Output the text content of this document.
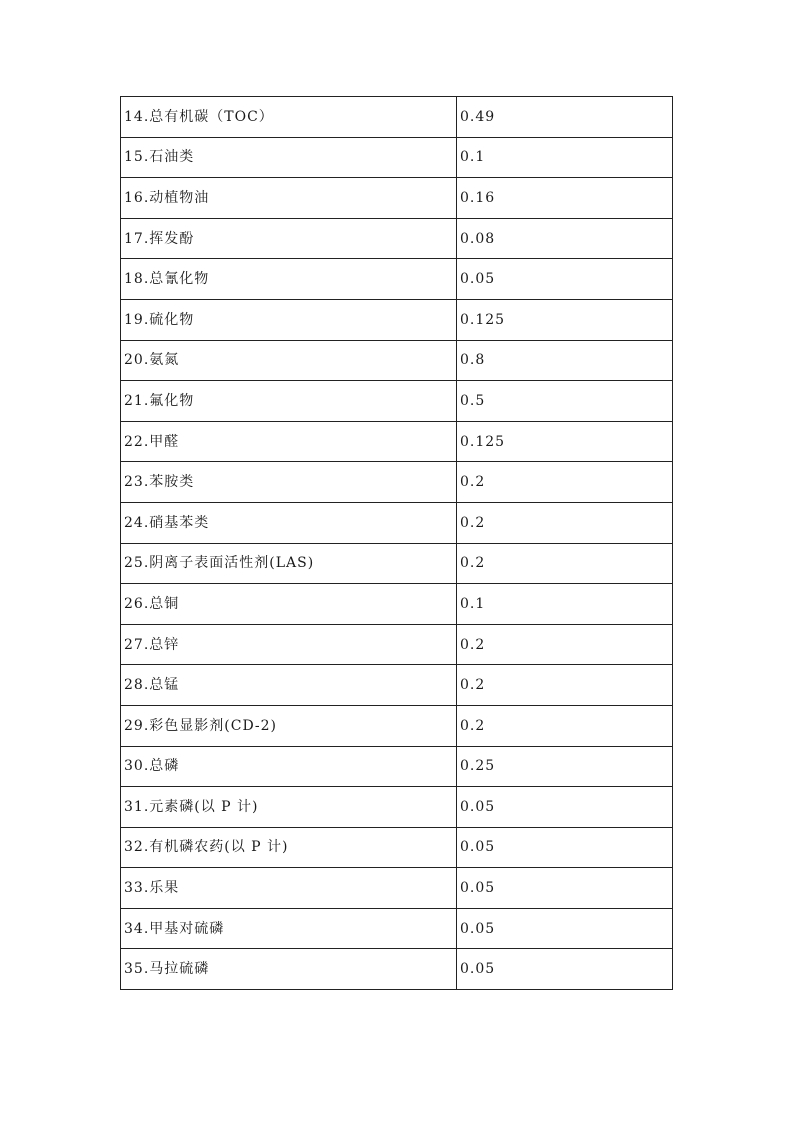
14.总有机碳（TOC）	0.49
15.石油类	0.1
16.动植物油	0.16
17.挥发酚	0.08
18.总氰化物	0.05
19.硫化物	0.125
20.氨氮	0.8
21.氟化物	0.5
22.甲醛	0.125
23.苯胺类	0.2
24.硝基苯类	0.2
25.阴离子表面活性剂(LAS)	0.2
26.总铜	0.1
27.总锌	0.2
28.总锰	0.2
29.彩色显影剂(CD-2)	0.2
30.总磷	0.25
31.元素磷(以 P 计)	0.05
32.有机磷农药(以 P 计)	0.05
33.乐果	0.05
34.甲基对硫磷	0.05
35.马拉硫磷	0.05
